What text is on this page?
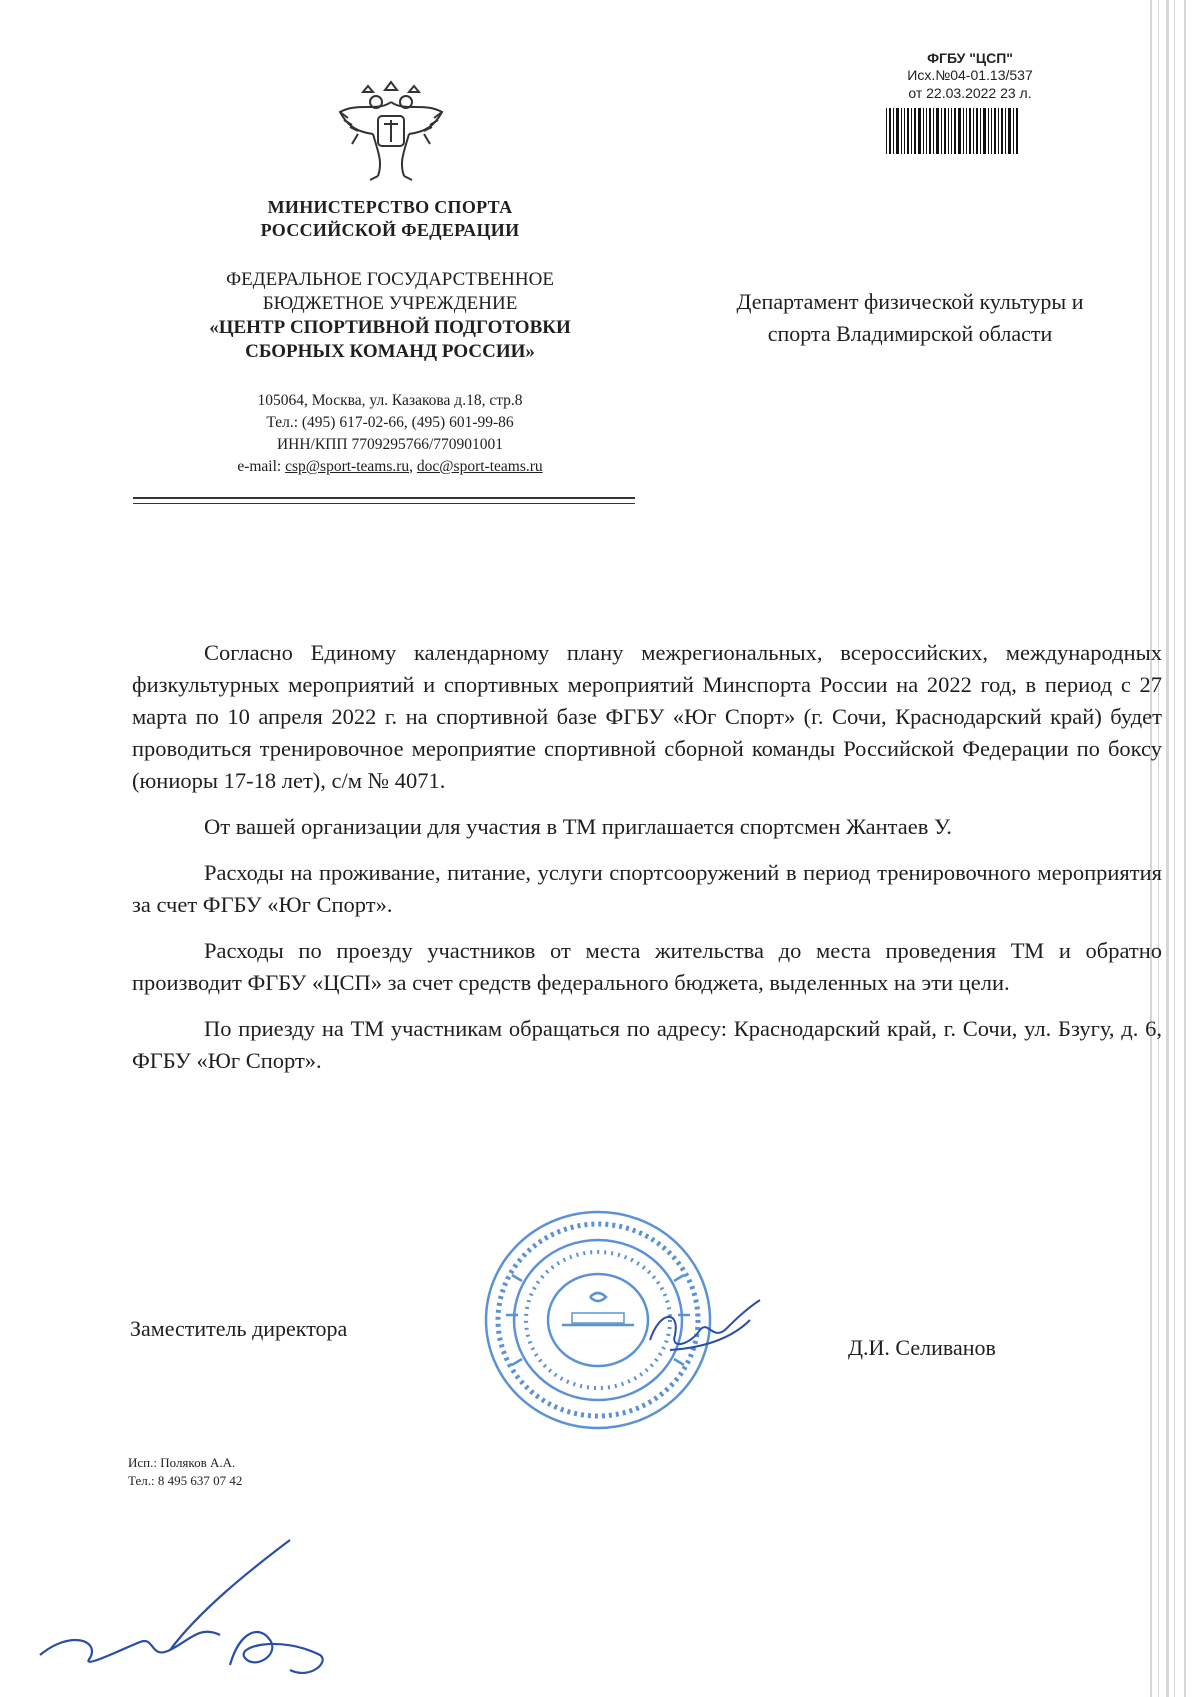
ФГБУ "ЦСП"
Исх.№04-01.13/537
от 22.03.2022 23 л.
МИНИСТЕРСТВО СПОРТА
РОССИЙСКОЙ ФЕДЕРАЦИИ
ФЕДЕРАЛЬНОЕ ГОСУДАРСТВЕННОЕ
БЮДЖЕТНОЕ УЧРЕЖДЕНИЕ
«ЦЕНТР СПОРТИВНОЙ ПОДГОТОВКИ
СБОРНЫХ КОМАНД РОССИИ»
105064, Москва, ул. Казакова д.18, стр.8
Тел.: (495) 617-02-66, (495) 601-99-86
ИНН/КПП 7709295766/770901001
e-mail: csp@sport-teams.ru, doc@sport-teams.ru
Департамент физической культуры и
спорта Владимирской области

Согласно Единому календарному плану межрегиональных, всероссийских, международных физкультурных мероприятий и спортивных мероприятий Минспорта России на 2022 год, в период с 27 марта по 10 апреля 2022 г. на спортивной базе ФГБУ «Юг Спорт» (г. Сочи, Краснодарский край) будет проводиться тренировочное мероприятие спортивной сборной команды Российской Федерации по боксу (юниоры 17-18 лет), с/м № 4071.

От вашей организации для участия в ТМ приглашается спортсмен Жантаев У.

Расходы на проживание, питание, услуги спортсооружений в период тренировочного мероприятия за счет ФГБУ «Юг Спорт».

Расходы по проезду участников от места жительства до места проведения ТМ и обратно производит ФГБУ «ЦСП» за счет средств федерального бюджета, выделенных на эти цели.

По приезду на ТМ участникам обращаться по адресу: Краснодарский край, г. Сочи, ул. Бзугу, д. 6, ФГБУ «Юг Спорт».

Заместитель директора
Д.И. Селиванов
Исп.: Поляков А.А.
Тел.: 8 495 637 07 42
